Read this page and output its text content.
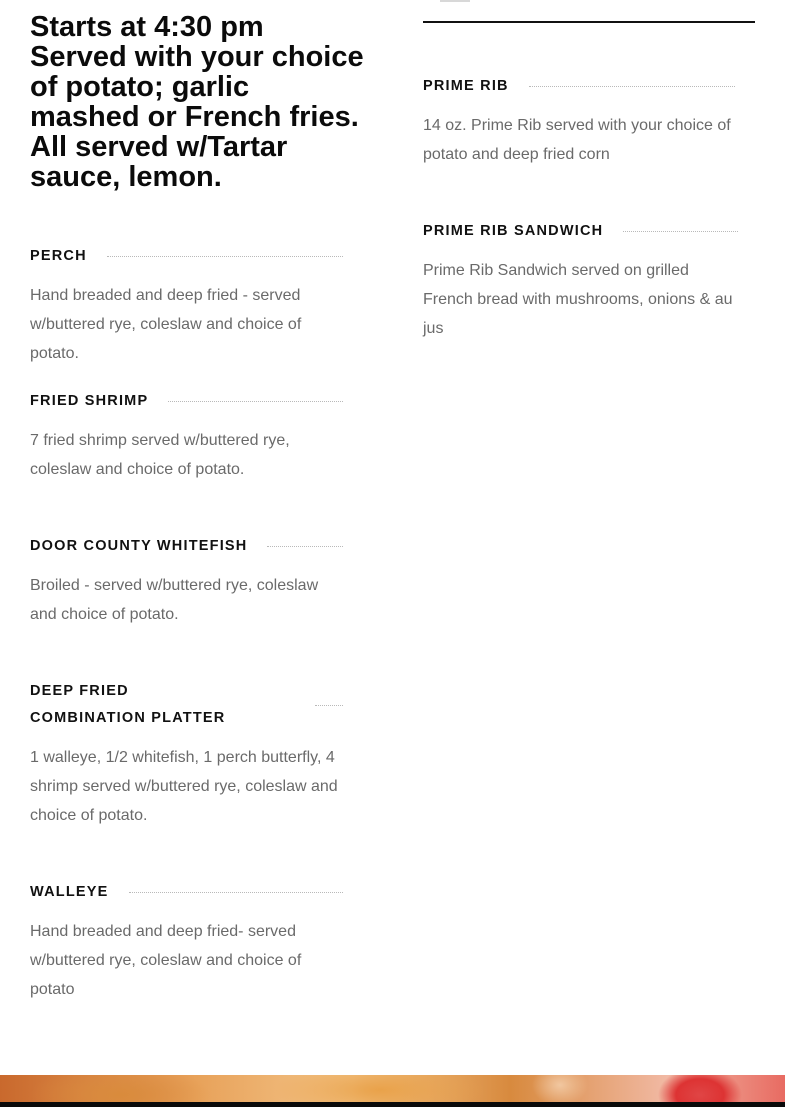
Starts at 4:30 pm

Served with your choice of potato; garlic mashed or French fries. All served w/Tartar sauce, lemon.

PERCH
Hand breaded and deep fried - served w/buttered rye, coleslaw and choice of potato.
FRIED SHRIMP
7 fried shrimp served w/buttered rye, coleslaw and choice of potato.
DOOR COUNTY WHITEFISH
Broiled - served w/buttered rye, coleslaw and choice of potato.
DEEP FRIED COMBINATION PLATTER
1 walleye, 1/2 whitefish, 1 perch butterfly, 4 shrimp served w/buttered rye, coleslaw and choice of potato.
WALLEYE
Hand breaded and deep fried- served w/buttered rye, coleslaw and choice of potato
PRIME RIB
14 oz. Prime Rib served with your choice of potato and deep fried corn
PRIME RIB SANDWICH
Prime Rib Sandwich served on grilled French bread with mushrooms, onions & au jus
